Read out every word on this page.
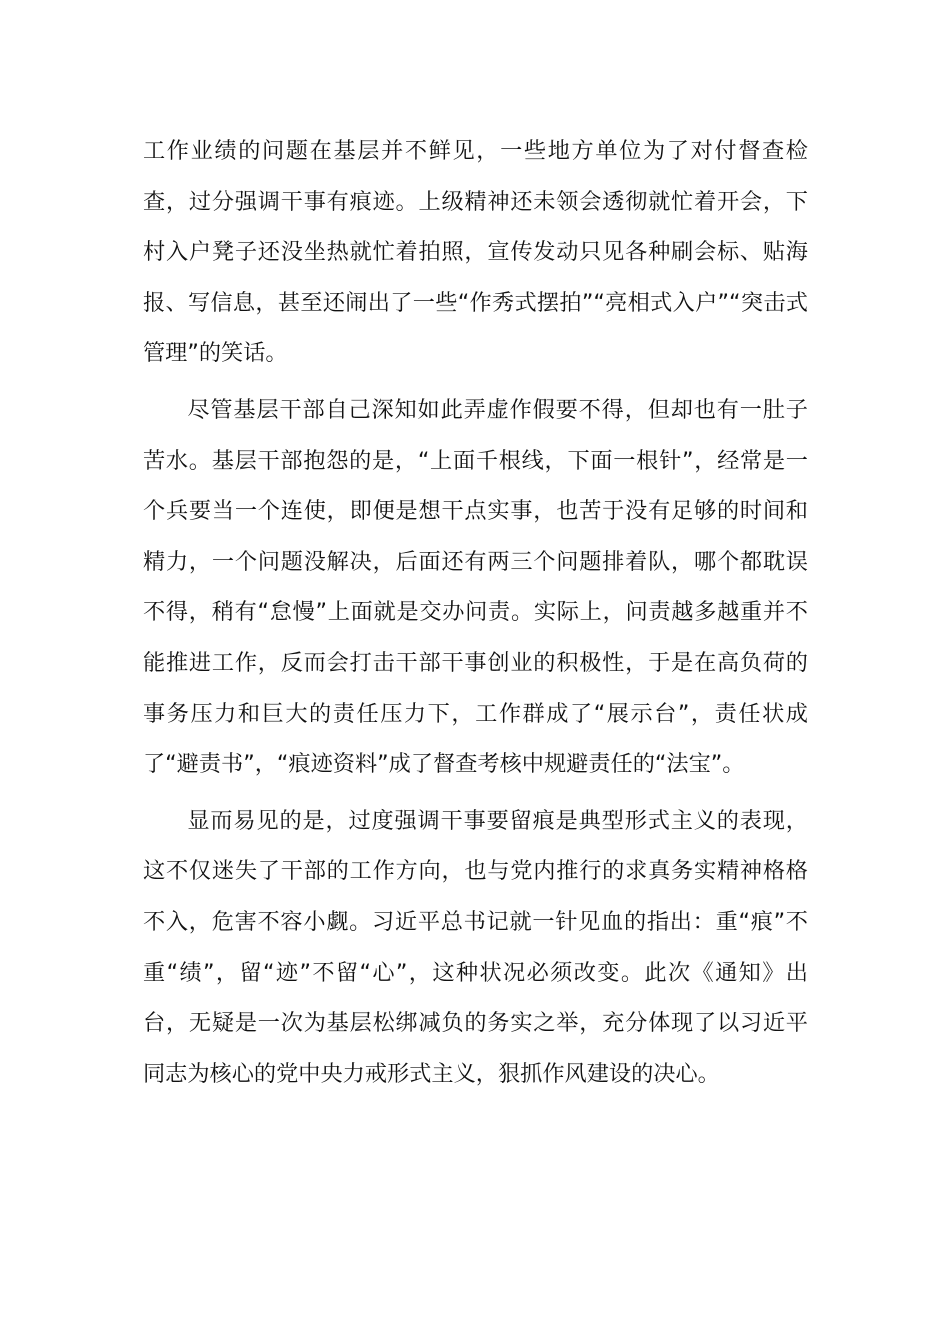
工作业绩的问题在基层并不鲜见，一些地方单位为了对付督查检查，过分强调干事有痕迹。上级精神还未领会透彻就忙着开会，下村入户凳子还没坐热就忙着拍照，宣传发动只见各种刷会标、贴海报、写信息，甚至还闹出了一些“作秀式摆拍”“亮相式入户”“突击式管理”的笑话。

尽管基层干部自己深知如此弄虚作假要不得，但却也有一肚子苦水。基层干部抱怨的是，“上面千根线，下面一根针”，经常是一个兵要当一个连使，即便是想干点实事，也苦于没有足够的时间和精力，一个问题没解决，后面还有两三个问题排着队，哪个都耽误不得，稍有“怠慢”上面就是交办问责。实际上，问责越多越重并不能推进工作，反而会打击干部干事创业的积极性，于是在高负荷的事务压力和巨大的责任压力下，工作群成了“展示台”，责任状成了“避责书”，“痕迹资料”成了督查考核中规避责任的“法宝”。

显而易见的是，过度强调干事要留痕是典型形式主义的表现，这不仅迷失了干部的工作方向，也与党内推行的求真务实精神格格不入，危害不容小觑。习近平总书记就一针见血的指出：重“痕”不重“绩”，留“迹”不留“心”，这种状况必须改变。此次《通知》出台，无疑是一次为基层松绑减负的务实之举，充分体现了以习近平同志为核心的党中央力戒形式主义，狠抓作风建设的决心。
